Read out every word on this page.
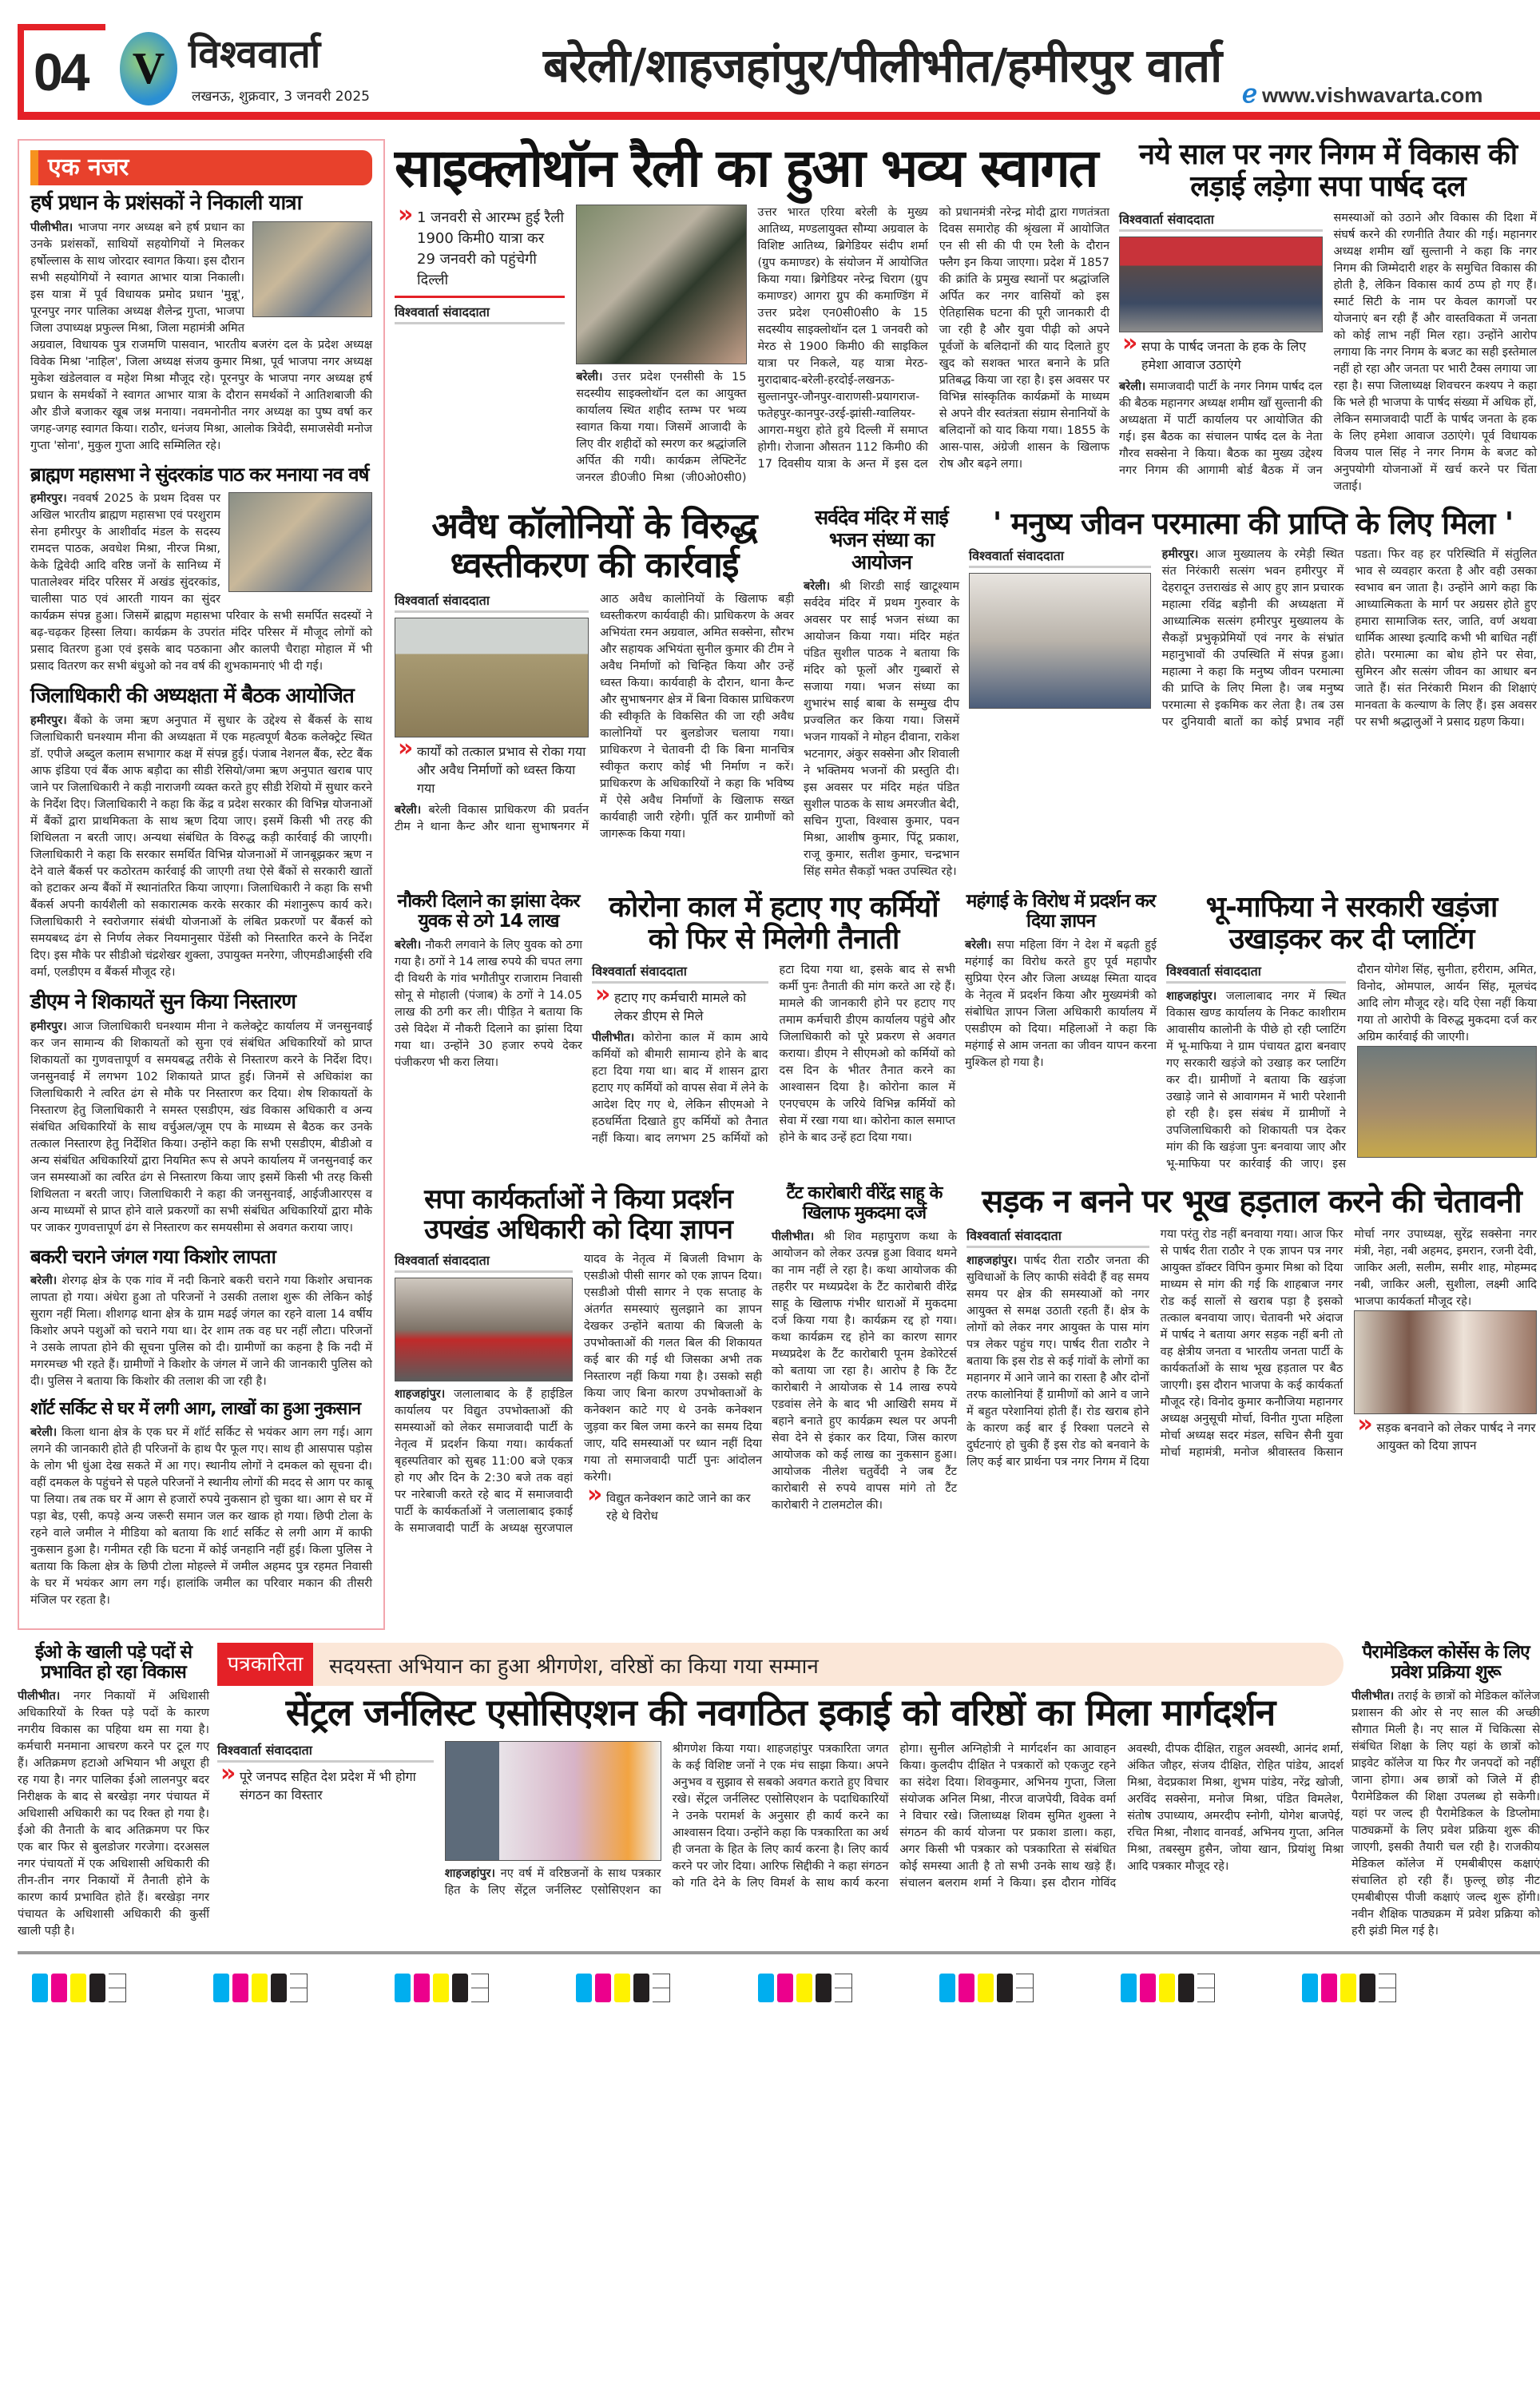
04 V विश्ववार्ता
लखनऊ, शुक्रवार, 3 जनवरी 2025
बरेली/शाहजहांपुर/पीलीभीत/हमीरपुर वार्ता
ℯ www.vishwavarta.com
एक नजर
हर्ष प्रधान के प्रशंसकों ने निकाली यात्रा
पीलीभीत। भाजपा नगर अध्यक्ष बने हर्ष प्रधान का उनके प्रशंसकों, साथियों सहयोगियों ने मिलकर हर्षोल्लास के साथ जोरदार स्वागत किया। इस दौरान सभी सहयोगियों ने स्वागत आभार यात्रा निकाली। इस यात्रा में पूर्व विधायक प्रमोद प्रधान 'मुन्नू', पूरनपुर नगर पालिका अध्यक्ष शैलेन्द्र गुप्ता, भाजपा जिला उपाध्यक्ष प्रफुल्ल मिश्रा, जिला महामंत्री अमित अग्रवाल, विधायक पुत्र राजमणि पासवान, भारतीय बजरंग दल के प्रदेश अध्यक्ष विवेक मिश्रा 'नाहिल', जिला अध्यक्ष संजय कुमार मिश्रा, पूर्व भाजपा नगर अध्यक्ष मुकेश खंडेलवाल व महेश मिश्रा मौजूद रहे। पूरनपुर के भाजपा नगर अध्यक्ष हर्ष प्रधान के समर्थकों ने स्वागत आभार यात्रा के दौरान समर्थकों ने आतिशबाजी की और डीजे बजाकर खूब जश्न मनाया। नवमनोनीत नगर अध्यक्ष का पुष्प वर्षा कर जगह-जगह स्वागत किया। राठौर, धनंजय मिश्रा, आलोक त्रिवेदी, समाजसेवी मनोज गुप्ता 'सोना', मुकुल गुप्ता आदि सम्मिलित रहे।
ब्राह्मण महासभा ने सुंदरकांड पाठ कर मनाया नव वर्ष
हमीरपुर। नववर्ष 2025 के प्रथम दिवस पर अखिल भारतीय ब्राह्मण महासभा एवं परशुराम सेना हमीरपुर के आशीर्वाद मंडल के सदस्य रामदत्त पाठक, अवधेश मिश्रा, नीरज मिश्रा, केके द्विवेदी आदि वरिष्ठ जनों के सानिध्य में पातालेश्वर मंदिर परिसर में अखंड सुंदरकांड, चालीसा पाठ एवं आरती गायन का सुंदर कार्यक्रम संपन्न हुआ। जिसमें ब्राह्मण महासभा परिवार के सभी समर्पित सदस्यों ने बढ़-चढ़कर हिस्सा लिया। कार्यक्रम के उपरांत मंदिर परिसर में मौजूद लोगों को प्रसाद वितरण हुआ एवं इसके बाद पठकाना और कालपी चैराहा मोहाल में भी प्रसाद वितरण कर सभी बंधुओ को नव वर्ष की शुभकामनाएं भी दी गई।
जिलाधिकारी की अध्यक्षता में बैठक आयोजित
हमीरपुर। बैंको के जमा ऋण अनुपात में सुधार के उद्देश्य से बैंकर्स के साथ जिलाधिकारी घनश्याम मीना की अध्यक्षता में एक महत्वपूर्ण बैठक कलेक्ट्रेट स्थित डॉ. एपीजे अब्दुल कलाम सभागार कक्ष में संपन्न हुई। पंजाब नेशनल बैंक, स्टेट बैंक आफ इंडिया एवं बैंक आफ बड़ौदा का सीडी रेसियो/जमा ऋण अनुपात खराब पाए जाने पर जिलाधिकारी ने कड़ी नाराजगी व्यक्त करते हुए सीडी रेशियो में सुधार करने के निर्देश दिए। जिलाधिकारी ने कहा कि केंद्र व प्रदेश सरकार की विभिन्न योजनाओं में बैंकों द्वारा प्राथमिकता के साथ ऋण दिया जाए। इसमें किसी भी तरह की शिथिलता न बरती जाए। अन्यथा संबंधित के विरुद्ध कड़ी कार्रवाई की जाएगी। जिलाधिकारी ने कहा कि सरकार समर्थित विभिन्न योजनाओं में जानबूझकर ऋण न देने वाले बैंकर्स पर कठोरतम कार्रवाई की जाएगी तथा ऐसे बैंकों से सरकारी खातों को हटाकर अन्य बैंकों में स्थानांतरित किया जाएगा। जिलाधिकारी ने कहा कि सभी बैंकर्स अपनी कार्यशैली को सकारात्मक करके सरकार की मंशानुरूप कार्य करे। जिलाधिकारी ने स्वरोजगार संबंधी योजनाओं के लंबित प्रकरणों पर बैंकर्स को समयबध्द ढंग से निर्णय लेकर नियमानुसार पेंडेंसी को निस्तारित करने के निर्देश दिए। इस मौके पर सीडीओ चंद्रशेखर शुक्ला, उपायुक्त मनरेगा, जीएमडीआईसी रवि वर्मा, एलडीएम व बैंकर्स मौजूद रहे।
डीएम ने शिकायतें सुन किया निस्तारण
हमीरपुर। आज जिलाधिकारी घनश्याम मीना ने कलेक्ट्रेट कार्यालय में जनसुनवाई कर जन सामान्य की शिकायतों को सुना एवं संबंधित अधिकारियों को प्राप्त शिकायतों का गुणवत्तापूर्ण व समयबद्ध तरीके से निस्तारण करने के निर्देश दिए। जनसुनवाई में लगभग 102 शिकायते प्राप्त हुई। जिनमें से अधिकांश का जिलाधिकारी ने त्वरित ढंग से मौके पर निस्तारण कर दिया। शेष शिकायतों के निस्तारण हेतु जिलाधिकारी ने समस्त एसडीएम, खंड विकास अधिकारी व अन्य संबंधित अधिकारियों के साथ वर्चुअल/जूम एप के माध्यम से बैठक कर उनके तत्काल निस्तारण हेतु निर्देशित किया। उन्होंने कहा कि सभी एसडीएम, बीडीओ व अन्य संबंधित अधिकारियों द्वारा नियमित रूप से अपने कार्यालय में जनसुनवाई कर जन समस्याओं का त्वरित ढंग से निस्तारण किया जाए इसमें किसी भी तरह किसी शिथिलता न बरती जाए। जिलाधिकारी ने कहा की जनसुनवाई, आईजीआरएस व अन्य माध्यमों से प्राप्त होने वाले प्रकरणों का सभी संबंधित अधिकारियों द्वारा मौके पर जाकर गुणवत्तापूर्ण ढंग से निस्तारण कर समयसीमा से अवगत कराया जाए।
बकरी चराने जंगल गया किशोर लापता
बरेली। शेरगढ़ क्षेत्र के एक गांव में नदी किनारे बकरी चराने गया किशोर अचानक लापता हो गया। अंधेरा हुआ तो परिजनों ने उसकी तलाश शुरू की लेकिन कोई सुराग नहीं मिला। शीशगढ़ थाना क्षेत्र के ग्राम मढई जंगल का रहने वाला 14 वर्षीय किशोर अपने पशुओं को चराने गया था। देर शाम तक वह घर नहीं लौटा। परिजनों ने उसके लापता होने की सूचना पुलिस को दी। ग्रामीणों का कहना है कि नदी में मगरमच्छ भी रहते हैं। ग्रामीणों ने किशोर के जंगल में जाने की जानकारी पुलिस को दी। पुलिस ने बताया कि किशोर की तलाश की जा रही है।
शॉर्ट सर्किट से घर में लगी आग, लाखों का हुआ नुकसान
बरेली। किला थाना क्षेत्र के एक घर में शॉर्ट सर्किट से भयंकर आग लग गई। आग लगने की जानकारी होते ही परिजनों के हाथ पैर फूल गए। साथ ही आसपास पड़ोस के लोग भी धुंआ देख सकते में आ गए। स्थानीय लोगों ने दमकल को सूचना दी। वहीं दमकल के पहुंचने से पहले परिजनों ने स्थानीय लोगों की मदद से आग पर काबू पा लिया। तब तक घर में आग से हजारों रुपये नुकसान हो चुका था। आग से घर में पड़ा बेड, एसी, कपड़े अन्य जरूरी समान जल कर खाक हो गया। छिपी टोला के रहने वाले जमील ने मीडिया को बताया कि शार्ट सर्किट से लगी आग में काफी नुकसान हुआ है। गनीमत रही कि घटना में कोई जनहानि नहीं हुई। किला पुलिस ने बताया कि किला क्षेत्र के छिपी टोला मोहल्ले में जमील अहमद पुत्र रहमत निवासी के घर में भयंकर आग लग गई। हालांकि जमील का परिवार मकान की तीसरी मंजिल पर रहता है।
साइक्लोथॉन रैली का हुआ भव्य स्वागत
» 1 जनवरी से आरम्भ हुई रैली 1900 किमी0 यात्रा कर 29 जनवरी को पहुंचेगी दिल्ली
विश्ववार्ता संवाददाता
बरेली। उत्तर प्रदेश एनसीसी के 15 सदस्यीय साइक्लोथॉन दल का आयुक्त कार्यालय स्थित शहीद स्तम्भ पर भव्य स्वागत किया गया। जिसमें आजादी के लिए वीर शहीदों को स्मरण कर श्रद्धांजलि अर्पित की गयी। कार्यक्रम लेफ्टिनेंट जनरल डी0जी0 मिश्रा (जी0ओ0सी0) उत्तर भारत एरिया बरेली के मुख्य आतिथ्य, मण्डलायुक्त सौम्या अग्रवाल के विशिष्ट आतिथ्य, ब्रिगेडियर संदीप शर्मा (ग्रुप कमाण्डर) के संयोजन में आयोजित किया गया। ब्रिगेडियर नरेन्द्र चिराग (ग्रुप कमाण्डर) आगरा ग्रुप की कमाण्डिंग में उत्तर प्रदेश एन0सी0सी0 के 15 सदस्यीय साइक्लोथॉन दल 1 जनवरी को मेरठ से 1900 किमी0 की साइकिल यात्रा पर निकले, यह यात्रा मेरठ-मुरादाबाद-बरेली-हरदोई-लखनऊ-सुल्तानपुर-जौनपुर-वाराणसी-प्रयागराज-फतेहपुर-कानपुर-उरई-झांसी-ग्वालियर-आगरा-मथुरा होते हुये दिल्ली में समाप्त होगी। रोजाना औसतन 112 किमी0 की 17 दिवसीय यात्रा के अन्त में इस दल को प्रधानमंत्री नरेन्द्र मोदी द्वारा गणतंत्रता दिवस समारोह की श्रृंखला में आयोजित एन सी सी की पी एम रैली के दौरान फ्लैग इन किया जाएगा। प्रदेश में 1857 की क्रांति के प्रमुख स्थानों पर श्रद्धांजलि अर्पित कर नगर वासियों को इस ऐतिहासिक घटना की पूरी जानकारी दी जा रही है और युवा पीढ़ी को अपने पूर्वजों के बलिदानों की याद दिलाते हुए खुद को सशक्त भारत बनाने के प्रति प्रतिबद्ध किया जा रहा है। इस अवसर पर विभिन्न सांस्कृतिक कार्यक्रमों के माध्यम से अपने वीर स्वतंत्रता संग्राम सेनानियों के बलिदानों को याद किया गया। 1855 के आस-पास, अंग्रेजी शासन के खिलाफ रोष और बढ़ने लगा।
नये साल पर नगर निगम में विकास की लड़ाई लड़ेगा सपा पार्षद दल
विश्ववार्ता संवाददाता
» सपा के पार्षद जनता के हक के लिए हमेशा आवाज उठाएंगे
बरेली। समाजवादी पार्टी के नगर निगम पार्षद दल की बैठक महानगर अध्यक्ष शमीम खाँ सुल्तानी की अध्यक्षता में पार्टी कार्यालय पर आयोजित की गई। इस बैठक का संचालन पार्षद दल के नेता गौरव सक्सेना ने किया। बैठक का मुख्य उद्देश्य नगर निगम की आगामी बोर्ड बैठक में जन समस्याओं को उठाने और विकास की दिशा में संघर्ष करने की रणनीति तैयार की गई। महानगर अध्यक्ष शमीम खाँ सुल्तानी ने कहा कि नगर निगम की जिम्मेदारी शहर के समुचित विकास की होती है, लेकिन विकास कार्य ठप्प हो गए हैं। स्मार्ट सिटी के नाम पर केवल कागजों पर योजनाएं बन रही हैं और वास्तविकता में जनता को कोई लाभ नहीं मिल रहा। उन्होंने आरोप लगाया कि नगर निगम के बजट का सही इस्तेमाल नहीं हो रहा और जनता पर भारी टैक्स लगाया जा रहा है। सपा जिलाध्यक्ष शिवचरन कश्यप ने कहा कि भले ही भाजपा के पार्षद संख्या में अधिक हों, लेकिन समाजवादी पार्टी के पार्षद जनता के हक के लिए हमेशा आवाज उठाएंगे। पूर्व विधायक विजय पाल सिंह ने नगर निगम के बजट को अनुपयोगी योजनाओं में खर्च करने पर चिंता जताई।
अवैध कॉलोनियों के विरुद्ध ध्वस्तीकरण की कार्रवाई
विश्ववार्ता संवाददाता
» कार्यों को तत्काल प्रभाव से रोका गया और अवैध निर्माणों को ध्वस्त किया गया
बरेली। बरेली विकास प्राधिकरण की प्रवर्तन टीम ने थाना कैन्ट और थाना सुभाषनगर में आठ अवैध कालोनियों के खिलाफ बड़ी ध्वस्तीकरण कार्यवाही की। प्राधिकरण के अवर अभियंता रमन अग्रवाल, अमित सक्सेना, सौरभ और सहायक अभियंता सुनील कुमार की टीम ने अवैध निर्माणों को चिन्हित किया और उन्हें ध्वस्त किया। कार्यवाही के दौरान, थाना कैन्ट और सुभाषनगर क्षेत्र में बिना विकास प्राधिकरण की स्वीकृति के विकसित की जा रही अवैध कालोनियों पर बुलडोजर चलाया गया। प्राधिकरण ने चेतावनी दी कि बिना मानचित्र स्वीकृत कराए कोई भी निर्माण न करें। प्राधिकरण के अधिकारियों ने कहा कि भविष्य में ऐसे अवैध निर्माणों के खिलाफ सख्त कार्यवाही जारी रहेगी। पूर्ति कर ग्रामीणों को जागरूक किया गया।
सर्वदेव मंदिर में साई भजन संध्या का आयोजन
बरेली। श्री शिरडी साई खाटूश्याम सर्वदेव मंदिर में प्रथम गुरुवार के अवसर पर साई भजन संध्या का आयोजन किया गया। मंदिर महंत पंडित सुशील पाठक ने बताया कि मंदिर को फूलों और गुब्बारों से सजाया गया। भजन संध्या का शुभारंभ साई बाबा के सम्मुख दीप प्रज्वलित कर किया गया। जिसमें भजन गायकों ने मोहन दीवाना, राकेश भटनागर, अंकुर सक्सेना और शिवाली ने भक्तिमय भजनों की प्रस्तुति दी। इस अवसर पर मंदिर महंत पंडित सुशील पाठक के साथ अमरजीत बेदी, सचिन गुप्ता, विश्वास कुमार, पवन मिश्रा, आशीष कुमार, पिंटू प्रकाश, राजू कुमार, सतीश कुमार, चन्द्रभान सिंह समेत सैकड़ों भक्त उपस्थित रहे।
' मनुष्य जीवन परमात्मा की प्राप्ति के लिए मिला '
विश्ववार्ता संवाददाता	हमीरपुर। आज मुख्यालय के रमेड़ी स्थित संत निरंकारी सत्संग भवन हमीरपुर में देहरादून उत्तराखंड से आए हुए ज्ञान प्रचारक महात्मा रविंद्र बड़ौनी की अध्यक्षता में आध्यात्मिक सत्संग हमीरपुर मुख्यालय के सैकड़ों प्रभुकृप्रेमियों एवं नगर के संभ्रांत महानुभावों की उपस्थिति में संपन्न हुआ। महात्मा ने कहा कि मनुष्य जीवन परमात्मा की प्राप्ति के लिए मिला है। जब मनुष्य परमात्मा से इकमिक कर लेता है। तब उस पर दुनियावी बातों का कोई प्रभाव नहीं पडता। फिर वह हर परिस्थिति में संतुलित भाव से व्यवहार करता है और वही उसका स्वभाव बन जाता है। उन्होंने आगे कहा कि आध्यात्मिकता के मार्ग पर अग्रसर होते हुए हमारा सामाजिक स्तर, जाति, वर्ण अथवा धार्मिक आस्था इत्यादि कभी भी बाधित नहीं होते। परमात्मा का बोध होने पर सेवा, सुमिरन और सत्संग जीवन का आधार बन जाते हैं। संत निरंकारी मिशन की शिक्षाएं मानवता के कल्याण के लिए हैं। इस अवसर पर सभी श्रद्धालुओं ने प्रसाद ग्रहण किया।
नौकरी दिलाने का झांसा देकर युवक से ठगे 14 लाख
बरेली। नौकरी लगवाने के लिए युवक को ठगा गया है। ठगों ने 14 लाख रुपये की चपत लगा दी विथरी के गांव भगौतीपुर राजाराम निवासी सोनू से मोहाली (पंजाब) के ठगों ने 14.05 लाख की ठगी कर ली। पीड़ित ने बताया कि उसे विदेश में नौकरी दिलाने का झांसा दिया गया था। उन्होंने 30 हजार रुपये देकर पंजीकरण भी करा लिया।
कोरोना काल में हटाए गए कर्मियों को फिर से मिलेगी तैनाती
विश्ववार्ता संवाददाता
» हटाए गए कर्मचारी मामले को लेकर डीएम से मिले
पीलीभीत। कोरोना काल में काम आये कर्मियों को बीमारी सामान्य होने के बाद हटा दिया गया था। बाद में शासन द्वारा हटाए गए कर्मियों को वापस सेवा में लेने के आदेश दिए गए थे, लेकिन सीएमओ ने हठधर्मिता दिखाते हुए कर्मियों को तैनात नहीं किया। बाद लगभग 25 कर्मियों को हटा दिया गया था, इसके बाद से सभी कर्मी पुनः तैनाती की मांग करते आ रहे हैं। मामले की जानकारी होने पर हटाए गए तमाम कर्मचारी डीएम कार्यालय पहुंचे और जिलाधिकारी को पूरे प्रकरण से अवगत कराया। डीएम ने सीएमओ को कर्मियों को दस दिन के भीतर तैनात करने का आश्वासन दिया है। कोरोना काल में एनएचएम के जरिये विभिन्न कर्मियों को सेवा में रखा गया था। कोरोना काल समाप्त होने के बाद उन्हें हटा दिया गया।
महंगाई के विरोध में प्रदर्शन कर दिया ज्ञापन
बरेली। सपा महिला विंग ने देश में बढ़ती हुई महंगाई का विरोध करते हुए पूर्व महापौर सुप्रिया ऐरन और जिला अध्यक्ष स्मिता यादव के नेतृत्व में प्रदर्शन किया और मुख्यमंत्री को संबोधित ज्ञापन जिला अधिकारी कार्यालय में एसडीएम को दिया। महिलाओं ने कहा कि महंगाई से आम जनता का जीवन यापन करना मुश्किल हो गया है।
भू-माफिया ने सरकारी खड़ंजा उखाड़कर कर दी प्लाटिंग
विश्ववार्ता संवाददाता
शाहजहांपुर। जलालाबाद नगर में स्थित विकास खण्ड कार्यालय के निकट काशीराम आवासीय कालोनी के पीछे हो रही प्लाटिंग में भू-माफिया ने ग्राम पंचायत द्वारा बनवाए गए सरकारी खड़ंजे को उखाड़ कर प्लाटिंग कर दी। ग्रामीणों ने बताया कि खड़ंजा उखाड़े जाने से आवागमन में भारी परेशानी हो रही है। इस संबंध में ग्रामीणों ने उपजिलाधिकारी को शिकायती पत्र देकर मांग की कि खड़ंजा पुनः बनवाया जाए और भू-माफिया पर कार्रवाई की जाए। इस दौरान योगेश सिंह, सुनीता, हरीराम, अमित, विनोद, ओमपाल, आर्यन सिंह, मूलचंद आदि लोग मौजूद रहे। यदि ऐसा नहीं किया गया तो आरोपी के विरुद्ध मुकदमा दर्ज कर अग्रिम कार्रवाई की जाएगी।
सपा कार्यकर्ताओं ने किया प्रदर्शन उपखंड अधिकारी को दिया ज्ञापन
विश्ववार्ता संवाददाता
शाहजहांपुर। जलालाबाद के हैं हाईडिल कार्यालय पर विद्युत उपभोक्ताओं की समस्याओं को लेकर समाजवादी पार्टी के नेतृत्व में प्रदर्शन किया गया। कार्यकर्ता बृहस्पतिवार को सुबह 11:00 बजे एकत्र हो गए और दिन के 2:30 बजे तक वहां पर नारेबाजी करते रहे बाद में समाजवादी पार्टी के कार्यकर्ताओं ने जलालाबाद इकाई के समाजवादी पार्टी के अध्यक्ष सुरजपाल यादव के नेतृत्व में बिजली विभाग के एसडीओ पीसी सागर को एक ज्ञापन दिया। एसडीओ पीसी सागर ने एक सप्ताह के अंतर्गत समस्याएं सुलझाने का ज्ञापन देखकर उन्होंने बताया की बिजली के उपभोक्ताओं की गलत बिल की शिकायत कई बार की गई थी जिसका अभी तक निस्तारण नहीं किया गया है। उसको सही किया जाए बिना कारण उपभोक्ताओं के कनेक्शन काटे गए थे उनके कनेक्शन जुड़वा कर बिल जमा करने का समय दिया जाए, यदि समस्याओं पर ध्यान नहीं दिया गया तो समाजवादी पार्टी पुनः आंदोलन करेगी।
» विद्युत कनेक्शन काटे जाने का कर रहे थे विरोध
टैंट कारोबारी वीरेंद्र साहू के खिलाफ मुकदमा दर्ज
पीलीभीत। श्री शिव महापुराण कथा के आयोजन को लेकर उत्पन्न हुआ विवाद थमने का नाम नहीं ले रहा है। कथा आयोजक की तहरीर पर मध्यप्रदेश के टैंट कारोबारी वीरेंद्र साहू के खिलाफ गंभीर धाराओं में मुकदमा दर्ज किया गया है। कार्यक्रम रद्द हो गया। कथा कार्यक्रम रद्द होने का कारण सागर मध्यप्रदेश के टैंट कारोबारी पूनम डेकोरेटर्स को बताया जा रहा है। आरोप है कि टैंट कारोबारी ने आयोजक से 14 लाख रुपये एडवांस लेने के बाद भी आखिरी समय में बहाने बनाते हुए कार्यक्रम स्थल पर अपनी सेवा देने से इंकार कर दिया, जिस कारण आयोजक को कई लाख का नुकसान हुआ। आयोजक नीलेश चतुर्वेदी ने जब टैंट कारोबारी से रुपये वापस मांगे तो टैंट कारोबारी ने टालमटोल की।
सड़क न बनने पर भूख हड़ताल करने की चेतावनी
विश्ववार्ता संवाददाता
शाहजहांपुर। पार्षद रीता राठौर जनता की सुविधाओं के लिए काफी संवेदी हैं वह समय समय पर क्षेत्र की समस्याओं को नगर आयुक्त से समक्ष उठाती रहती हैं। क्षेत्र के लोगों को लेकर नगर आयुक्त के पास मांग पत्र लेकर पहुंच गए। पार्षद रीता राठौर ने बताया कि इस रोड से कई गांवों के लोगों का महानगर में आने जाने का रास्ता है और दोनों तरफ कालोनियां हैं ग्रामीणों को आने व जाने में बहुत परेशानियां होती हैं। रोड खराब होने के कारण कई बार ई रिक्शा पलटने से दुर्घटनाएं हो चुकी हैं इस रोड को बनवाने के लिए कई बार प्रार्थना पत्र नगर निगम में दिया गया परंतु रोड नहीं बनवाया गया। आज फिर से पार्षद रीता राठौर ने एक ज्ञापन पत्र नगर आयुक्त डॉक्टर विपिन कुमार मिश्रा को दिया माध्यम से मांग की गई कि शाहबाज नगर रोड कई सालों से खराब पड़ा है इसको तत्काल बनवाया जाए। चेतावनी भरे अंदाज में पार्षद ने बताया अगर सड़क नहीं बनी तो वह क्षेत्रीय जनता व भारतीय जनता पार्टी के कार्यकर्ताओं के साथ भूख हड़ताल पर बैठ जाएगी। इस दौरान भाजपा के कई कार्यकर्ता मौजूद रहे। विनोद कुमार कनौजिया महानगर अध्यक्ष अनुसूची मोर्चा, विनीत गुप्ता महिला मोर्चा अध्यक्ष सदर मंडल, सचिन सैनी युवा मोर्चा महामंत्री, मनोज श्रीवास्तव किसान मोर्चा नगर उपाध्यक्ष, सुरेंद्र सक्सेना नगर मंत्री, नेहा, नबी अहमद, इमरान, रजनी देवी, जाकिर अली, सलीम, समीर शाह, मोहम्मद नबी, जाकिर अली, सुशीला, लक्ष्मी आदि भाजपा कार्यकर्ता मौजूद रहे।
» सड़क बनवाने को लेकर पार्षद ने नगर आयुक्त को दिया ज्ञापन
ईओ के खाली पड़े पदों से प्रभावित हो रहा विकास
पीलीभीत। नगर निकायों में अधिशासी अधिकारियों के रिक्त पड़े पदों के कारण नगरीय विकास का पहिया थम सा गया है। कर्मचारी मनमाना आचरण करने पर टूल गए हैं। अतिक्रमण हटाओ अभियान भी अधूरा ही रह गया है। नगर पालिका ईओ लालनपुर बदर निरीक्षक के बाद से बरखेड़ा नगर पंचायत में अधिशासी अधिकारी का पद रिक्त हो गया है। ईओ की तैनाती के बाद अतिक्रमण पर फिर एक बार फिर से बुलडोजर गरजेगा। दरअसल नगर पंचायतों में एक अधिशासी अधिकारी की तीन-तीन नगर निकायों में तैनाती होने के कारण कार्य प्रभावित होते हैं। बरखेड़ा नगर पंचायत के अधिशासी अधिकारी की कुर्सी खाली पड़ी है।
पत्रकारिता	सदयस्ता अभियान का हुआ श्रीगणेश, वरिष्ठों का किया गया सम्मान
सेंट्रल जर्नलिस्ट एसोसिएशन की नवगठित इकाई को वरिष्ठों का मिला मार्गदर्शन
विश्ववार्ता संवाददाता
» पूरे जनपद सहित देश प्रदेश में भी होगा संगठन का विस्तार
शाहजहांपुर। नए वर्ष में वरिष्ठजनों के साथ पत्रकार हित के लिए सेंट्रल जर्नलिस्ट एसोसिएशन का श्रीगणेश किया गया। शाहजहांपुर पत्रकारिता जगत के कई विशिष्ट जनों ने एक मंच साझा किया। अपने अनुभव व सुझाव से सबको अवगत कराते हुए विचार रखे। सेंट्रल जर्नलिस्ट एसोसिएशन के पदाधिकारियों ने उनके परामर्श के अनुसार ही कार्य करने का आश्वासन दिया। उन्होंने कहा कि पत्रकारिता का अर्थ ही जनता के हित के लिए कार्य करना है। लिए कार्य करने पर जोर दिया। आरिफ सिद्दीकी ने कहा संगठन को गति देने के लिए विमर्श के साथ कार्य करना होगा। सुनील अग्निहोत्री ने मार्गदर्शन का आवाहन किया। कुलदीप दीक्षित ने पत्रकारों को एकजुट रहने का संदेश दिया। शिवकुमार, अभिनय गुप्ता, जिला संयोजक अनिल मिश्रा, नीरज वाजपेयी, विवेक वर्मा ने विचार रखे। जिलाध्यक्ष शिवम सुमित शुक्ला ने संगठन की कार्य योजना पर प्रकाश डाला। कहा, अगर किसी भी पत्रकार को पत्रकारिता से संबंधित कोई समस्या आती है तो सभी उनके साथ खड़े हैं। संचालन बलराम शर्मा ने किया। इस दौरान गोविंद अवस्थी, दीपक दीक्षित, राहुल अवस्थी, आनंद शर्मा, अंकित जौहर, संजय दीक्षित, रोहित पांडेय, आदर्श मिश्रा, वेदप्रकाश मिश्रा, शुभम पांडेय, नरेंद्र खोजी, अरविंद सक्सेना, मनोज मिश्रा, पंडित विमलेश, संतोष उपाध्याय, अमरदीप स्नोगी, योगेश बाजपेई, रचित मिश्रा, नौशाद वानवर्ड, अभिनय गुप्ता, अनिल मिश्रा, तबस्सुम हुसैन, जोया खान, प्रियांशु मिश्रा आदि पत्रकार मौजूद रहे।
पैरामेडिकल कोर्सेस के लिए प्रवेश प्रक्रिया शुरू
पीलीभीत। तराई के छात्रों को मेडिकल कॉलेज प्रशासन की ओर से नए साल की अच्छी सौगात मिली है। नए साल में चिकित्सा से संबंधित शिक्षा के लिए यहां के छात्रों को प्राइवेट कॉलेज या फिर गैर जनपदों को नहीं जाना होगा। अब छात्रों को जिले में ही पैरामेडिकल की शिक्षा उपलब्ध हो सकेगी। यहां पर जल्द ही पैरामेडिकल के डिप्लोमा पाठ्यक्रमों के लिए प्रवेश प्रक्रिया शुरू की जाएगी, इसकी तैयारी चल रही है। राजकीय मेडिकल कॉलेज में एमबीबीएस कक्षाएं संचालित हो रही हैं। फ़ुल्लू छोड़ नीट एमबीबीएस पीजी कक्षाएं जल्द शुरू होंगी। नवीन शैक्षिक पाठ्यक्रम में प्रवेश प्रक्रिया को हरी झंडी मिल गई है।
